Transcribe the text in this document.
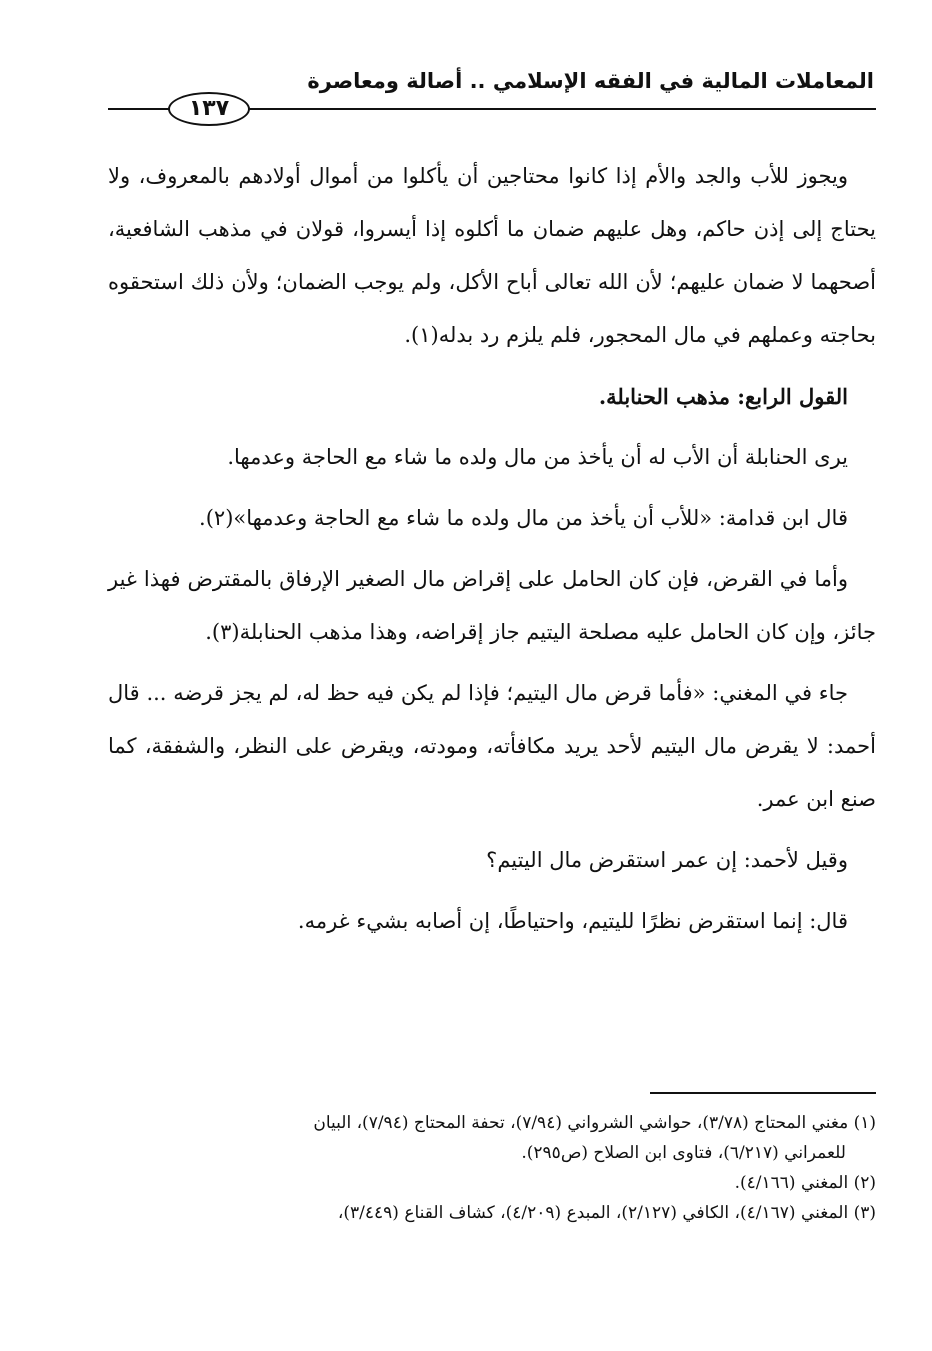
المعاملات المالية في الفقه الإسلامي .. أصالة ومعاصرة
١٣٧

ويجوز للأب والجد والأم إذا كانوا محتاجين أن يأكلوا من أموال أولادهم بالمعروف، ولا يحتاج إلى إذن حاكم، وهل عليهم ضمان ما أكلوه إذا أيسروا، قولان في مذهب الشافعية، أصحهما لا ضمان عليهم؛ لأن الله تعالى أباح الأكل، ولم يوجب الضمان؛ ولأن ذلك استحقوه بحاجته وعملهم في مال المحجور، فلم يلزم رد بدله(١).

القول الرابع: مذهب الحنابلة.

يرى الحنابلة أن الأب له أن يأخذ من مال ولده ما شاء مع الحاجة وعدمها.

قال ابن قدامة: «للأب أن يأخذ من مال ولده ما شاء مع الحاجة وعدمها»(٢).

وأما في القرض، فإن كان الحامل على إقراض مال الصغير الإرفاق بالمقترض فهذا غير جائز، وإن كان الحامل عليه مصلحة اليتيم جاز إقراضه، وهذا مذهب الحنابلة(٣).

جاء في المغني: «فأما قرض مال اليتيم؛ فإذا لم يكن فيه حظ له، لم يجز قرضه ... قال أحمد: لا يقرض مال اليتيم لأحد يريد مكافأته، ومودته، ويقرض على النظر، والشفقة، كما صنع ابن عمر.

وقيل لأحمد: إن عمر استقرض مال اليتيم؟

قال: إنما استقرض نظرًا لليتيم، واحتياطًا، إن أصابه بشيء غرمه.

(١) مغني المحتاج (٣/٧٨)، حواشي الشرواني (٧/٩٤)، تحفة المحتاج (٧/٩٤)، البيان
للعمراني (٦/٢١٧)، فتاوى ابن الصلاح (ص٢٩٥).

(٢) المغني (٤/١٦٦).

(٣) المغني (٤/١٦٧)، الكافي (٢/١٢٧)، المبدع (٤/٢٠٩)، كشاف القناع (٣/٤٤٩)،
